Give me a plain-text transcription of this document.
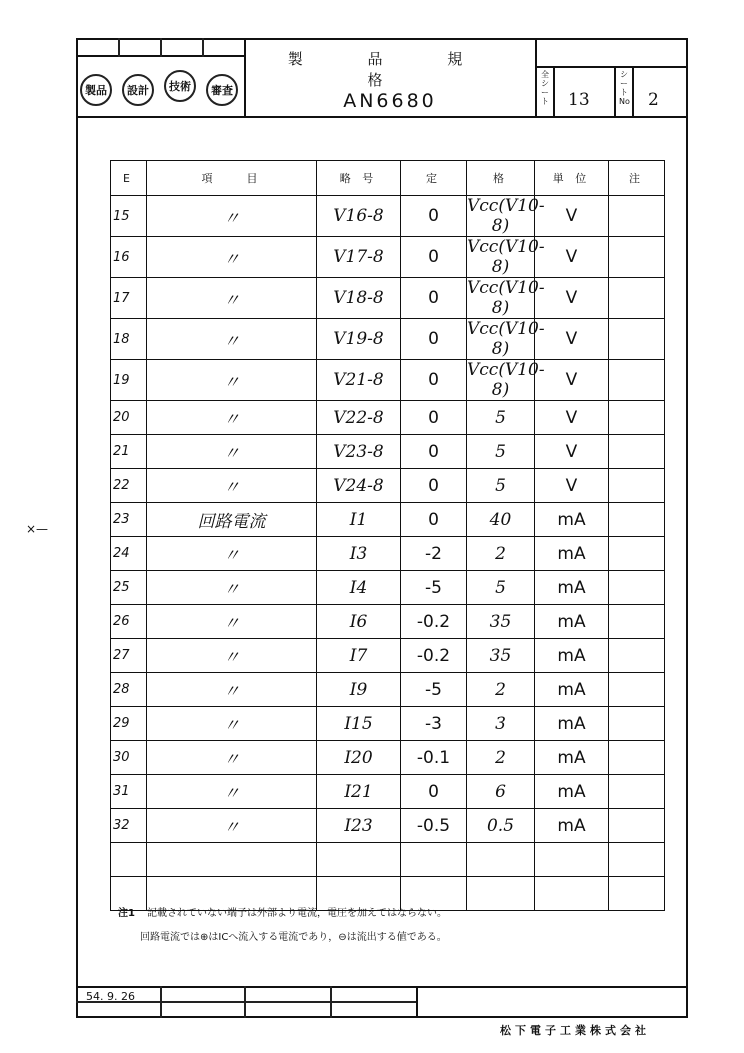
製品	設計	技術	審査
製 品 規 格
AN6680
全シート 13
シートNo 2
×—
E	項　　目	略 号	定	格	単 位	注
15	〃	V16-8	0	Vcc(V10-8)	V	
16	〃	V17-8	0	Vcc(V10-8)	V	
17	〃	V18-8	0	Vcc(V10-8)	V	
18	〃	V19-8	0	Vcc(V10-8)	V	
19	〃	V21-8	0	Vcc(V10-8)	V	
20	〃	V22-8	0	5	V	
21	〃	V23-8	0	5	V	
22	〃	V24-8	0	5	V	
23	回路電流	I1	0	40	mA	
24	〃	I3	-2	2	mA	
25	〃	I4	-5	5	mA	
26	〃	I6	-0.2	35	mA	
27	〃	I7	-0.2	35	mA	
28	〃	I9	-5	2	mA	
29	〃	I15	-3	3	mA	
30	〃	I20	-0.1	2	mA	
31	〃	I21	0	6	mA	
32	〃	I23	-0.5	0.5	mA	

注1 記載されていない端子は外部より電流，電圧を加えてはならない。
回路電流では⊕はICへ流入する電流であり，⊖は流出する値である。
54. 9. 26
松下電子工業株式会社
